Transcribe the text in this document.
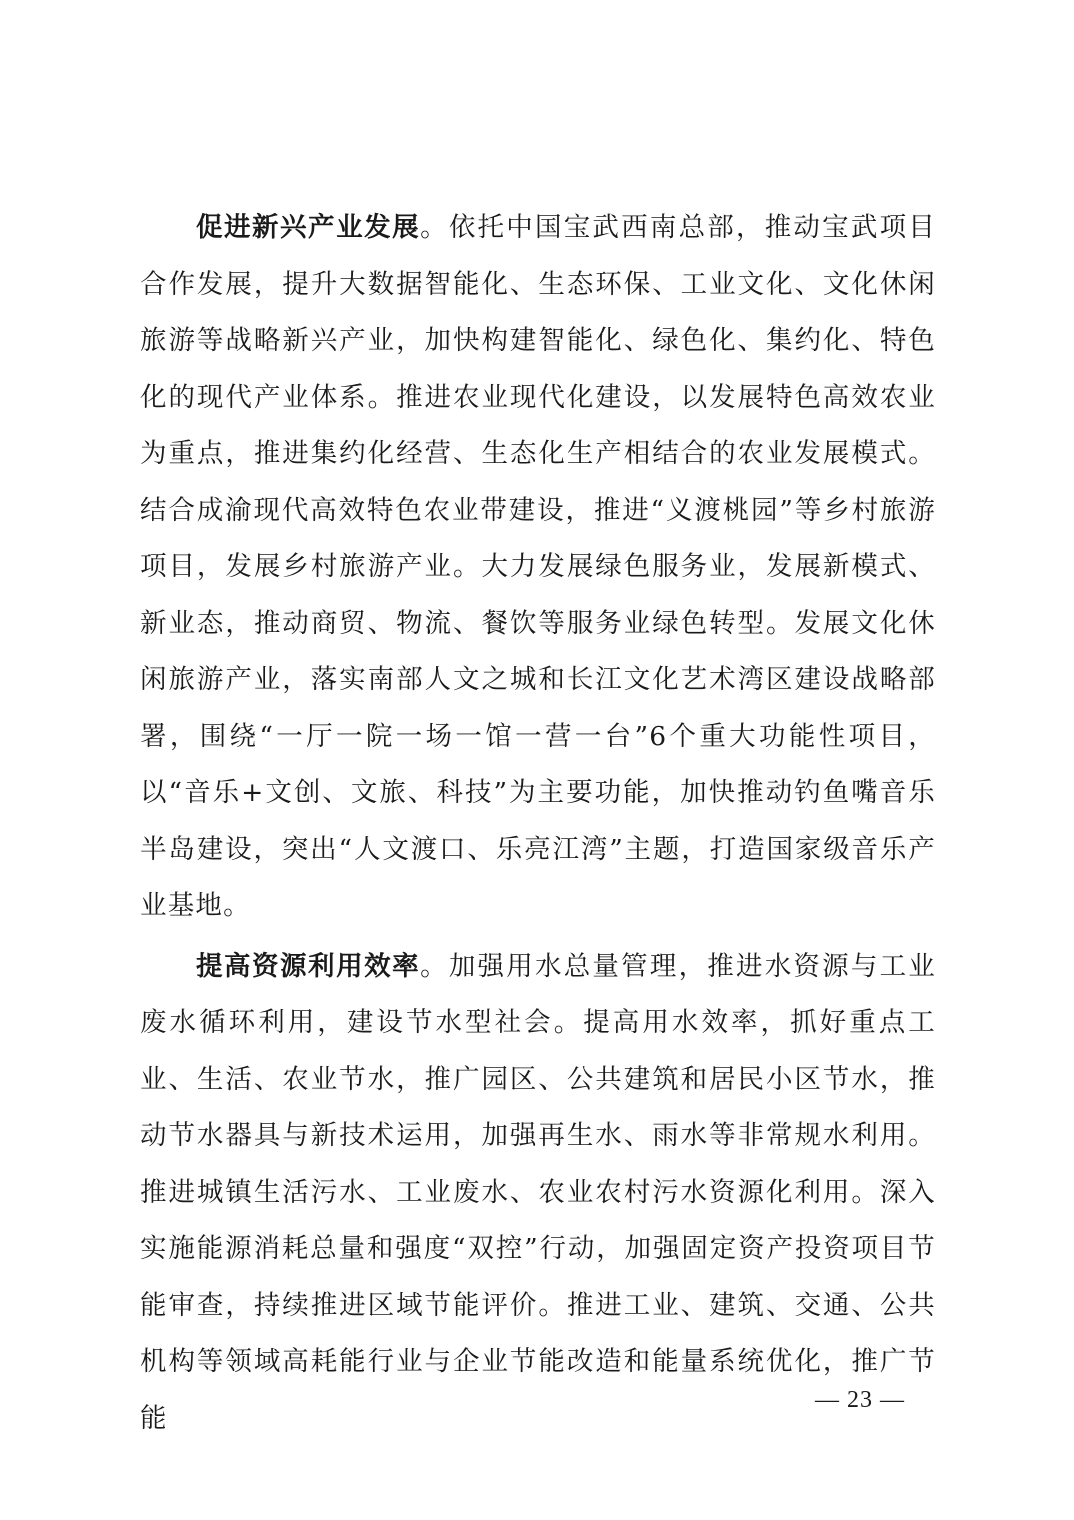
促进新兴产业发展。依托中国宝武西南总部，推动宝武项目合作发展，提升大数据智能化、生态环保、工业文化、文化休闲旅游等战略新兴产业，加快构建智能化、绿色化、集约化、特色化的现代产业体系。推进农业现代化建设，以发展特色高效农业为重点，推进集约化经营、生态化生产相结合的农业发展模式。结合成渝现代高效特色农业带建设，推进“义渡桃园”等乡村旅游项目，发展乡村旅游产业。大力发展绿色服务业，发展新模式、新业态，推动商贸、物流、餐饮等服务业绿色转型。发展文化休闲旅游产业，落实南部人文之城和长江文化艺术湾区建设战略部署，围绕“一厅一院一场一馆一营一台”6个重大功能性项目，以“音乐+文创、文旅、科技”为主要功能，加快推动钓鱼嘴音乐半岛建设，突出“人文渡口、乐亮江湾”主题，打造国家级音乐产业基地。

提高资源利用效率。加强用水总量管理，推进水资源与工业废水循环利用，建设节水型社会。提高用水效率，抓好重点工业、生活、农业节水，推广园区、公共建筑和居民小区节水，推动节水器具与新技术运用，加强再生水、雨水等非常规水利用。推进城镇生活污水、工业废水、农业农村污水资源化利用。深入实施能源消耗总量和强度“双控”行动，加强固定资产投资项目节能审查，持续推进区域节能评价。推进工业、建筑、交通、公共机构等领域高耗能行业与企业节能改造和能量系统优化，推广节能

— 23 —
